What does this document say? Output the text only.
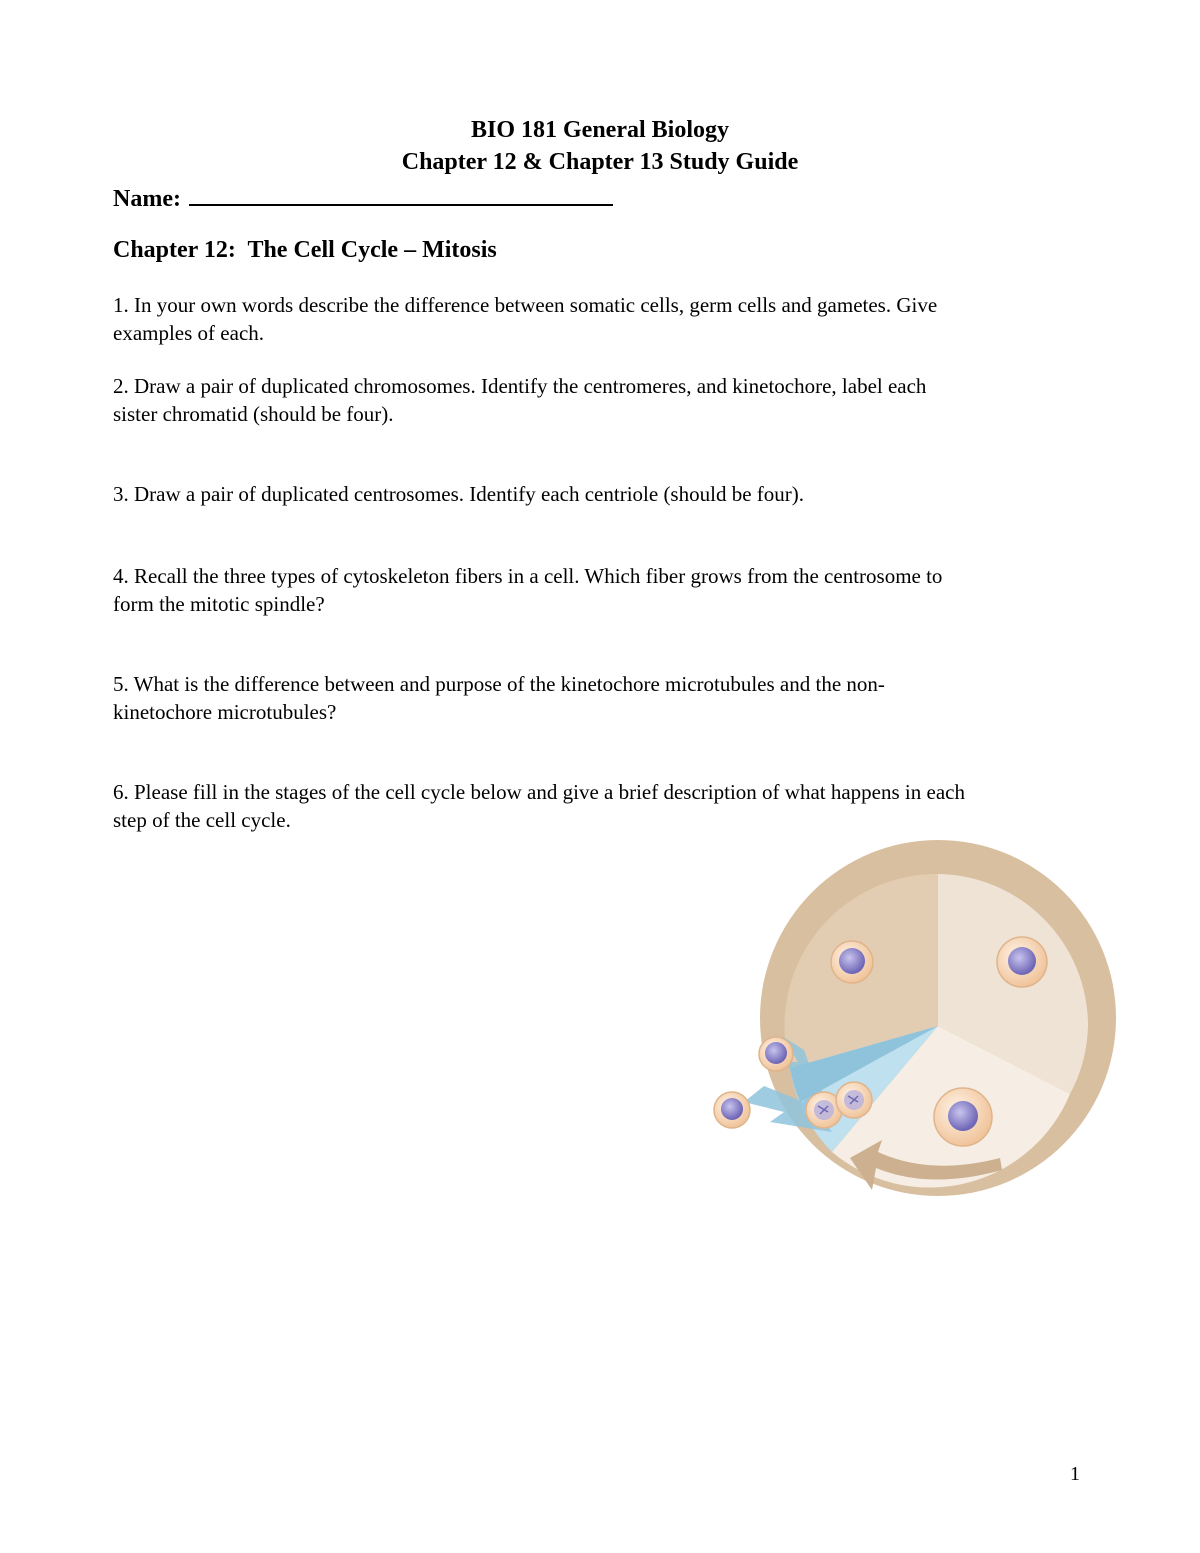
BIO 181 General Biology
Chapter 12 & Chapter 13 Study Guide
Name:
Chapter 12:  The Cell Cycle – Mitosis
1. In your own words describe the difference between somatic cells, germ cells and gametes. Give
examples of each.
2. Draw a pair of duplicated chromosomes. Identify the centromeres, and kinetochore, label each
sister chromatid (should be four).
3. Draw a pair of duplicated centrosomes. Identify each centriole (should be four).
4. Recall the three types of cytoskeleton fibers in a cell. Which fiber grows from the centrosome to
form the mitotic spindle?
5. What is the difference between and purpose of the kinetochore microtubules and the non-
kinetochore microtubules?
6. Please fill in the stages of the cell cycle below and give a brief description of what happens in each
step of the cell cycle.
1
